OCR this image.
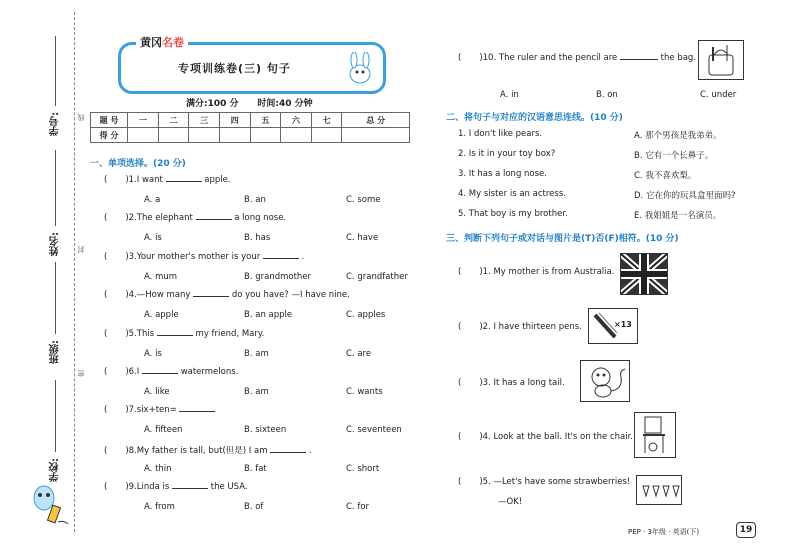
学号:
姓名:
班级:
学校:
线
封
密
黄冈名卷
专项训练卷(三) 句子
满分:100 分 时间:40 分钟
题 号	一	二	三	四	五	六	七	总 分
得 分								
一、单项选择。(20 分)
( )1.I want	apple.
A. a	B. an	C. some
( )2.The elephant	a long nose.
A. is	B. has	C. have
( )3.Your mother's mother is your	.
A. mum	B. grandmother	C. grandfather
( )4.—How many	do you have? —I have nine.
A. apple	B. an apple	C. apples
( )5.This	my friend, Mary.
A. is	B. am	C. are
( )6.I	watermelons.
A. like	B. am	C. wants
( )7.six+ten=
A. fifteen	B. sixteen	C. seventeen
( )8.My father is tall, but(但是) I am	.
A. thin	B. fat	C. short
( )9.Linda is	the USA.
A. from	B. of	C. for
( )10. The ruler and the pencil are	the bag.
A. in	B. on	C. under
二、将句子与对应的汉语意思连线。(10 分)
1. I don't like pears.	A. 那个男孩是我弟弟。
2. Is it in your toy box?	B. 它有一个长鼻子。
3. It has a long nose.	C. 我不喜欢梨。
4. My sister is an actress.	D. 它在你的玩具盒里面吗?
5. That boy is my brother.	E. 我姐姐是一名演员。
三、判断下列句子或对话与图片是(T)否(F)相符。(10 分)
( )1. My mother is from Australia.
( )2. I have thirteen pens.
( )3. It has a long tail.
( )4. Look at the ball. It's on the chair.
( )5. —Let's have some strawberries!
—OK!
×13
PEP · 3年级 · 英语(下)	19
